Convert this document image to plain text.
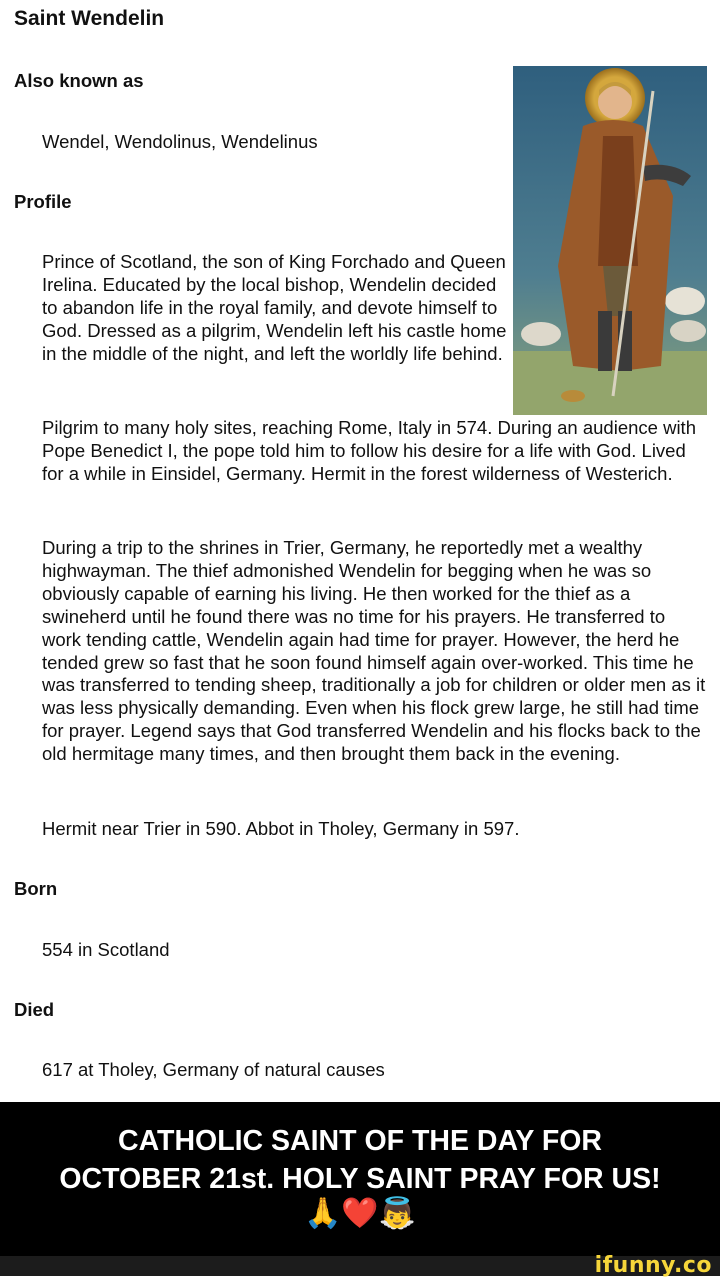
Saint Wendelin
Also known as
Wendel, Wendolinus, Wendelinus
Profile
Prince of Scotland, the son of King Forchado and Queen Irelina. Educated by the local bishop, Wendelin decided to abandon life in the royal family, and devote himself to God. Dressed as a pilgrim, Wendelin left his castle home in the middle of the night, and left the worldly life behind.
Pilgrim to many holy sites, reaching Rome, Italy in 574. During an audience with Pope Benedict I, the pope told him to follow his desire for a life with God. Lived for a while in Einsidel, Germany. Hermit in the forest wilderness of Westerich.
During a trip to the shrines in Trier, Germany, he reportedly met a wealthy highwayman. The thief admonished Wendelin for begging when he was so obviously capable of earning his living. He then worked for the thief as a swineherd until he found there was no time for his prayers. He transferred to work tending cattle, Wendelin again had time for prayer. However, the herd he tended grew so fast that he soon found himself again over-worked. This time he was transferred to tending sheep, traditionally a job for children or older men as it was less physically demanding. Even when his flock grew large, he still had time for prayer. Legend says that God transferred Wendelin and his flocks back to the old hermitage many times, and then brought them back in the evening.
Hermit near Trier in 590. Abbot in Tholey, Germany in 597.
Born
554 in Scotland
Died
617 at Tholey, Germany of natural causes
CATHOLIC SAINT OF THE DAY FOR
OCTOBER 21st. HOLY SAINT PRAY FOR US!
🙏❤️👼
ifunny.co
